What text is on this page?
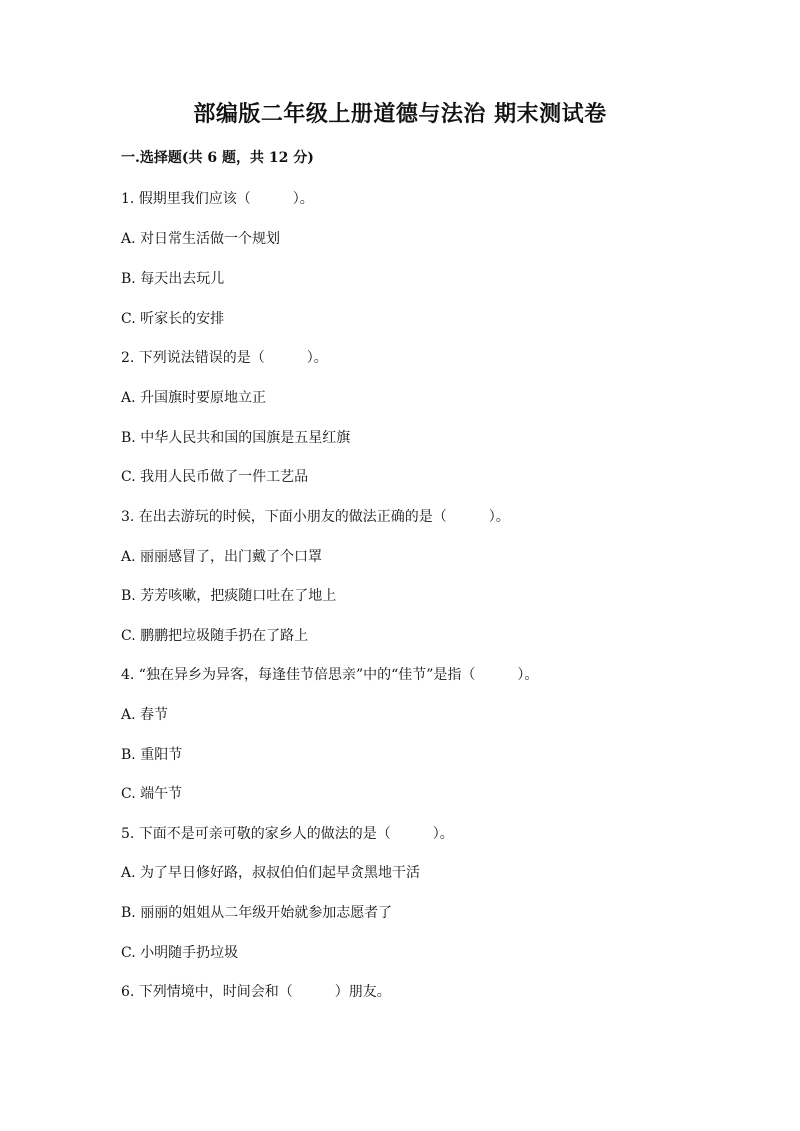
部编版二年级上册道德与法治 期末测试卷
一.选择题(共 6 题，共 12 分)
1. 假期里我们应该（　　　）。
A. 对日常生活做一个规划
B. 每天出去玩儿
C. 听家长的安排
2. 下列说法错误的是（　　　）。
A. 升国旗时要原地立正
B. 中华人民共和国的国旗是五星红旗
C. 我用人民币做了一件工艺品
3. 在出去游玩的时候，下面小朋友的做法正确的是（　　　）。
A. 丽丽感冒了，出门戴了个口罩
B. 芳芳咳嗽，把痰随口吐在了地上
C. 鹏鹏把垃圾随手扔在了路上
4. “独在异乡为异客，每逢佳节倍思亲”中的“佳节”是指（　　　）。
A. 春节
B. 重阳节
C. 端午节
5. 下面不是可亲可敬的家乡人的做法的是（　　　）。
A. 为了早日修好路，叔叔伯伯们起早贪黑地干活
B. 丽丽的姐姐从二年级开始就参加志愿者了
C. 小明随手扔垃圾
6. 下列情境中，时间会和（　　　）朋友。
